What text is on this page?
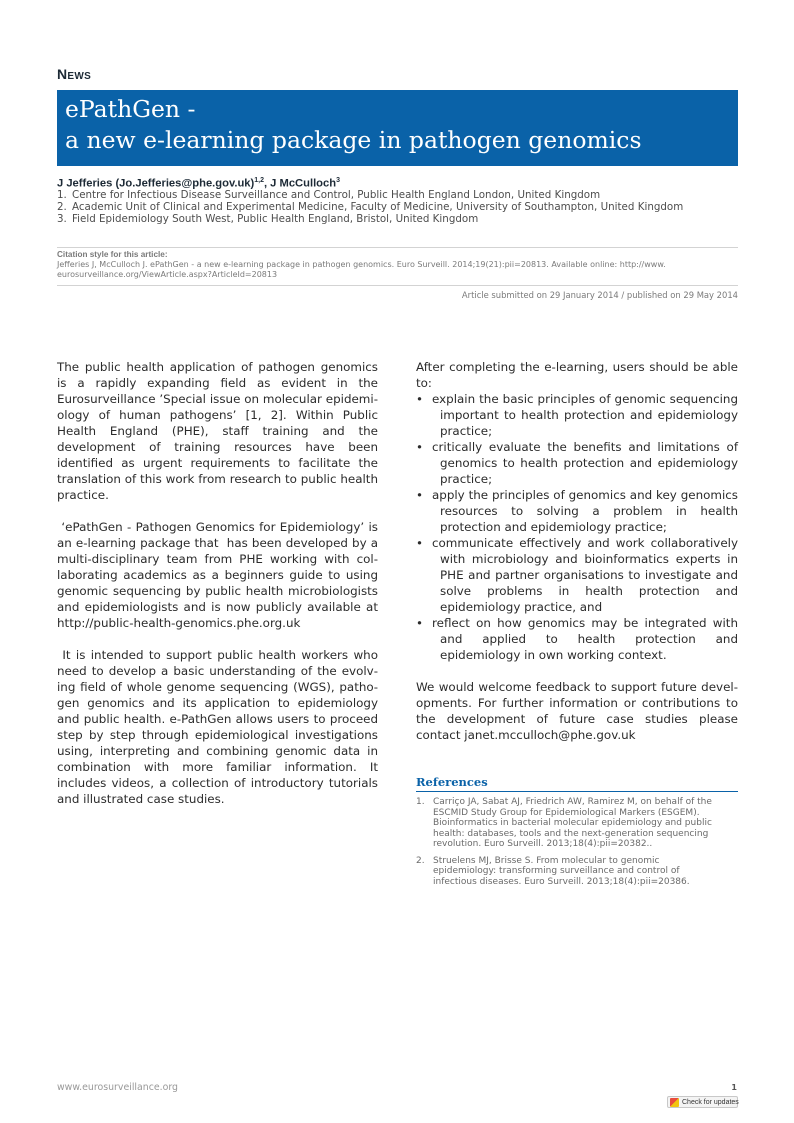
News
ePathGen -
a new e-learning package in pathogen genomics
J Jefferies (Jo.Jefferies@phe.gov.uk)$^{1,2}$, J McCulloch$^3$
1. Centre for Infectious Disease Surveillance and Control, Public Health England London, United Kingdom
2. Academic Unit of Clinical and Experimental Medicine, Faculty of Medicine, University of Southampton, United Kingdom
3. Field Epidemiology South West, Public Health England, Bristol, United Kingdom
Citation style for this article:
Jefferies J, McCulloch J. ePathGen - a new e-learning package in pathogen genomics. Euro Surveill. 2014;19(21):pii=20813. Available online: http://www.
eurosurveillance.org/ViewArticle.aspx?ArticleId=20813
Article submitted on 29 January 2014 / published on 29 May 2014

The public health application of pathogen genomics is a rapidly expanding field as evident in the Eurosurveillance ’Special issue on molecular epidemiology of human pathogens’ [1, 2]. Within Public Health England (PHE), staff training and the development of training resources have been identified as urgent requirements to facilitate the translation of this work from research to public health practice.

‘ePathGen - Pathogen Genomics for Epidemiology’ is an e-learning package that  has been developed by a multi-disciplinary team from PHE working with collaborating academics as a beginners guide to using genomic sequencing by public health microbiologists and epidemiologists and is now publicly available at http://public-health-genomics.phe.org.uk

It is intended to support public health workers who need to develop a basic understanding of the evolving field of whole genome sequencing (WGS), pathogen genomics and its application to epidemiology and public health. e-PathGen allows users to proceed step by step through epidemiological investigations using, interpreting and combining genomic data in combination with more familiar information. It includes videos, a collection of introductory tutorials and illustrated case studies.

After completing the e-learning, users should be able to:

• explain the basic principles of genomic sequencing important to health protection and epidemiology practice;
• critically evaluate the benefits and limitations of genomics to health protection and epidemiology practice;
• apply the principles of genomics and key genomics resources to solving a problem in health protection and epidemiology practice;
• communicate effectively and work collaboratively with microbiology and bioinformatics experts in PHE and partner organisations to investigate and solve problems in health protection and epidemiology practice, and
• reflect on how genomics may be integrated with and applied to health protection and epidemiology in own working context.

We would welcome feedback to support future developments. For further information or contributions to the development of future case studies please contact janet.mcculloch@phe.gov.uk

References
1. Carriço JA, Sabat AJ, Friedrich AW, Ramirez M, on behalf of the
ESCMID Study Group for Epidemiological Markers (ESGEM).
Bioinformatics in bacterial molecular epidemiology and public
health: databases, tools and the next-generation sequencing
revolution. Euro Surveill. 2013;18(4):pii=20382..
2. Struelens MJ, Brisse S. From molecular to genomic
epidemiology: transforming surveillance and control of
infectious diseases. Euro Surveill. 2013;18(4):pii=20386.
www.eurosurveillance.org	1
Check for updates
